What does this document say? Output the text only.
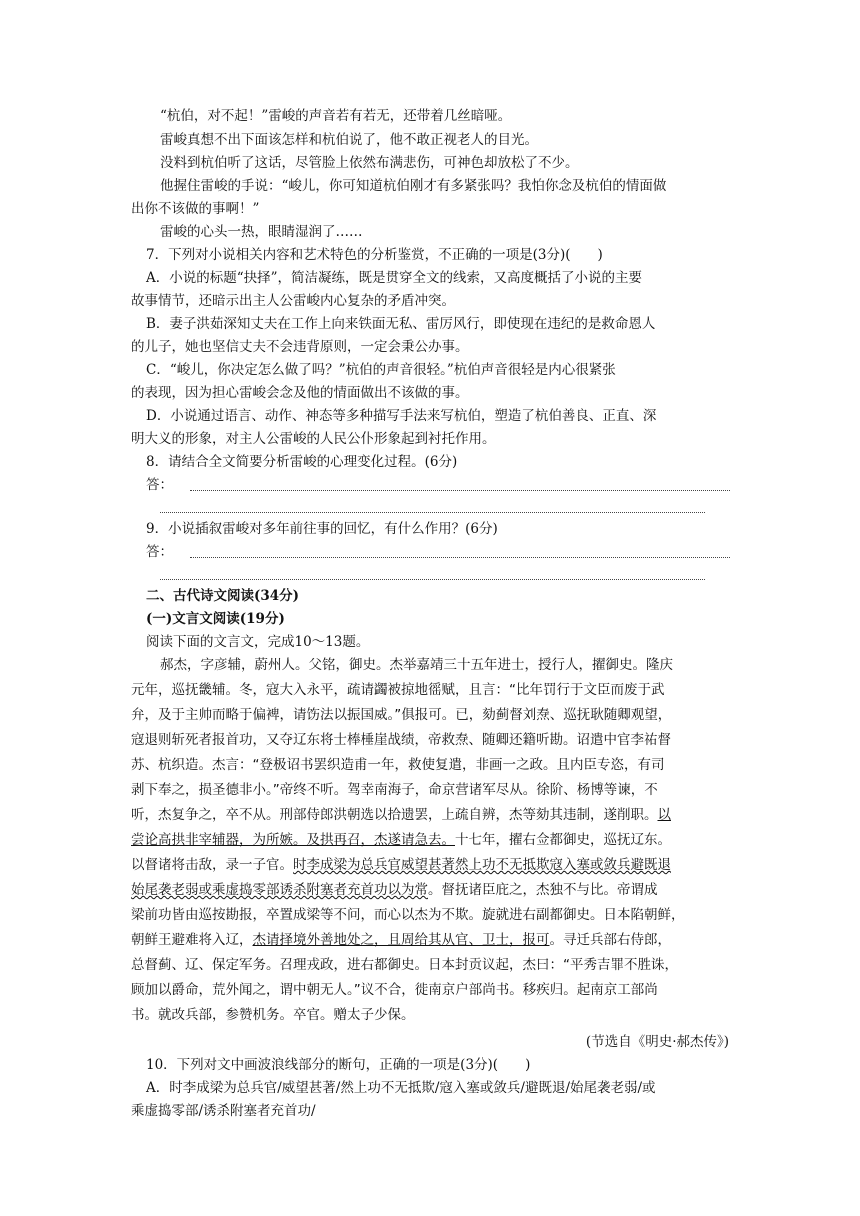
“杭伯，对不起！”雷峻的声音若有若无，还带着几丝暗哑。
雷峻真想不出下面该怎样和杭伯说了，他不敢正视老人的目光。
没料到杭伯听了这话，尽管脸上依然布满悲伤，可神色却放松了不少。
他握住雷峻的手说：“峻儿，你可知道杭伯刚才有多紧张吗？我怕你念及杭伯的情面做
出你不该做的事啊！”
雷峻的心头一热，眼睛湿润了……
7．下列对小说相关内容和艺术特色的分析鉴赏，不正确的一项是(3分)(　　)
A．小说的标题“抉择”，简洁凝练，既是贯穿全文的线索，又高度概括了小说的主要
故事情节，还暗示出主人公雷峻内心复杂的矛盾冲突。
B．妻子洪茹深知丈夫在工作上向来铁面无私、雷厉风行，即使现在违纪的是救命恩人
的儿子，她也坚信丈夫不会违背原则，一定会秉公办事。
C．“峻儿，你决定怎么做了吗？”杭伯的声音很轻。”杭伯声音很轻是内心很紧张
的表现，因为担心雷峻会念及他的情面做出不该做的事。
D．小说通过语言、动作、神态等多种描写手法来写杭伯，塑造了杭伯善良、正直、深
明大义的形象，对主人公雷峻的人民公仆形象起到衬托作用。
8．请结合全文简要分析雷峻的心理变化过程。(6分)
答：
9．小说插叙雷峻对多年前往事的回忆，有什么作用？(6分)
答：
二、古代诗文阅读(34分)
(一)文言文阅读(19分)
阅读下面的文言文，完成10～13题。
郝杰，字彦辅，蔚州人。父铭，御史。杰举嘉靖三十五年进士，授行人，擢御史。隆庆
元年，巡抚畿辅。冬，寇大入永平，疏请蠲被掠地徭赋，且言：“比年罚行于文臣而废于武
弁，及于主帅而略于偏裨，请饬法以振国威。”俱报可。已，劾蓟督刘焘、巡抚耿随卿观望，
寇退则斩死者报首功，又夺辽东将士棒棰崖战绩，帝救焘、随卿还籍听勘。诏遣中官李祐督
苏、杭织造。杰言：“登极诏书罢织造甫一年，救使复遣，非画一之政。且内臣专恣，有司
剥下奉之，损圣德非小。”帝终不听。驾幸南海子，命京营诸军尽从。徐阶、杨博等谏，不
听，杰复争之，卒不从。刑部侍郎洪朝选以拾遗罢，上疏自辨，杰等劾其违制，遂削职。以
尝论高拱非宰辅器，为所嫉。及拱再召，杰遂请急去。十七年，擢右佥都御史，巡抚辽东。
以督诸将击敌，录一子官。时李成梁为总兵官威望甚著然上功不无抵欺寇入塞或敛兵避既退
始尾袭老弱或乘虚捣零部诱杀附塞者充首功以为常。督抚诸臣庇之，杰独不与比。帝谓成
梁前功皆由巡按勘报，卒置成梁等不问，而心以杰为不欺。旋就进右副都御史。日本陷朝鲜，
朝鲜王避难将入辽，杰请择境外善地处之，且周给其从官、卫士，报可。寻迁兵部右侍郎，
总督蓟、辽、保定军务。召理戎政，进右都御史。日本封贡议起，杰曰：“平秀吉罪不胜诛，
顾加以爵命，荒外闻之，谓中朝无人。”议不合，徙南京户部尚书。移疾归。起南京工部尚
书。就改兵部，参赞机务。卒官。赠太子少保。
(节选自《明史·郝杰传》)
10．下列对文中画波浪线部分的断句，正确的一项是(3分)(　　)
A．时李成梁为总兵官/威望甚著/然上功不无抵欺/寇入塞或敛兵/避既退/始尾袭老弱/或
乘虚捣零部/诱杀附塞者充首功/
